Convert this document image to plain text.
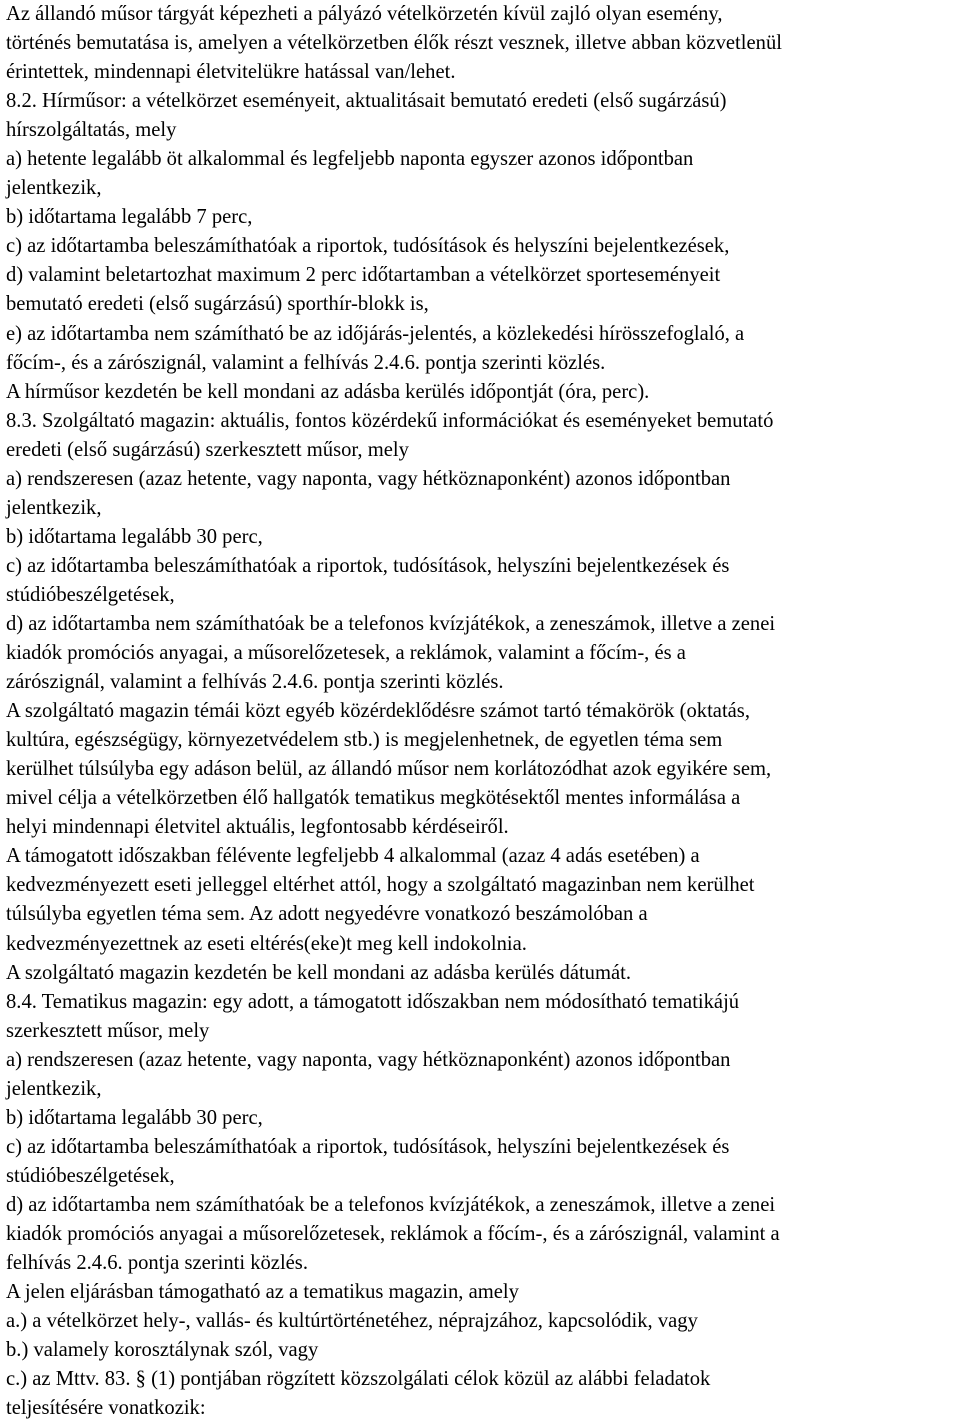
Az állandó műsor tárgyát képezheti a pályázó vételkörzetén kívül zajló olyan esemény,
történés bemutatása is, amelyen a vételkörzetben élők részt vesznek, illetve abban közvetlenül
érintettek, mindennapi életvitelükre hatással van/lehet.
8.2. Hírműsor: a vételkörzet eseményeit, aktualitásait bemutató eredeti (első sugárzású)
hírszolgáltatás, mely
a) hetente legalább öt alkalommal és legfeljebb naponta egyszer azonos időpontban
jelentkezik,
b) időtartama legalább 7 perc,
c) az időtartamba beleszámíthatóak a riportok, tudósítások és helyszíni bejelentkezések,
d) valamint beletartozhat maximum 2 perc időtartamban a vételkörzet sporteseményeit
bemutató eredeti (első sugárzású) sporthír-blokk is,
e) az időtartamba nem számítható be az időjárás-jelentés, a közlekedési hírösszefoglaló, a
főcím-, és a zárószignál, valamint a felhívás 2.4.6. pontja szerinti közlés.
A hírműsor kezdetén be kell mondani az adásba kerülés időpontját (óra, perc).
8.3. Szolgáltató magazin: aktuális, fontos közérdekű információkat és eseményeket bemutató
eredeti (első sugárzású) szerkesztett műsor, mely
a) rendszeresen (azaz hetente, vagy naponta, vagy hétköznaponként) azonos időpontban
jelentkezik,
b) időtartama legalább 30 perc,
c) az időtartamba beleszámíthatóak a riportok, tudósítások, helyszíni bejelentkezések és
stúdióbeszélgetések,
d) az időtartamba nem számíthatóak be a telefonos kvízjátékok, a zeneszámok, illetve a zenei
kiadók promóciós anyagai, a műsorelőzetesek, a reklámok, valamint a főcím-, és a
zárószignál, valamint a felhívás 2.4.6. pontja szerinti közlés.
A szolgáltató magazin témái közt egyéb közérdeklődésre számot tartó témakörök (oktatás,
kultúra, egészségügy, környezetvédelem stb.) is megjelenhetnek, de egyetlen téma sem
kerülhet túlsúlyba egy adáson belül, az állandó műsor nem korlátozódhat azok egyikére sem,
mivel célja a vételkörzetben élő hallgatók tematikus megkötésektől mentes informálása a
helyi mindennapi életvitel aktuális, legfontosabb kérdéseiről.
A támogatott időszakban félévente legfeljebb 4 alkalommal (azaz 4 adás esetében) a
kedvezményezett eseti jelleggel eltérhet attól, hogy a szolgáltató magazinban nem kerülhet
túlsúlyba egyetlen téma sem. Az adott negyedévre vonatkozó beszámolóban a
kedvezményezettnek az eseti eltérés(eke)t meg kell indokolnia.
A szolgáltató magazin kezdetén be kell mondani az adásba kerülés dátumát.
8.4. Tematikus magazin: egy adott, a támogatott időszakban nem módosítható tematikájú
szerkesztett műsor, mely
a) rendszeresen (azaz hetente, vagy naponta, vagy hétköznaponként) azonos időpontban
jelentkezik,
b) időtartama legalább 30 perc,
c) az időtartamba beleszámíthatóak a riportok, tudósítások, helyszíni bejelentkezések és
stúdióbeszélgetések,
d) az időtartamba nem számíthatóak be a telefonos kvízjátékok, a zeneszámok, illetve a zenei
kiadók promóciós anyagai a műsorelőzetesek, reklámok a főcím-, és a zárószignál, valamint a
felhívás 2.4.6. pontja szerinti közlés.
A jelen eljárásban támogatható az a tematikus magazin, amely
a.) a vételkörzet hely-, vallás- és kultúrtörténetéhez, néprajzához, kapcsolódik, vagy
b.) valamely korosztálynak szól, vagy
c.) az Mttv. 83. § (1) pontjában rögzített közszolgálati célok közül az alábbi feladatok
teljesítésére vonatkozik:
